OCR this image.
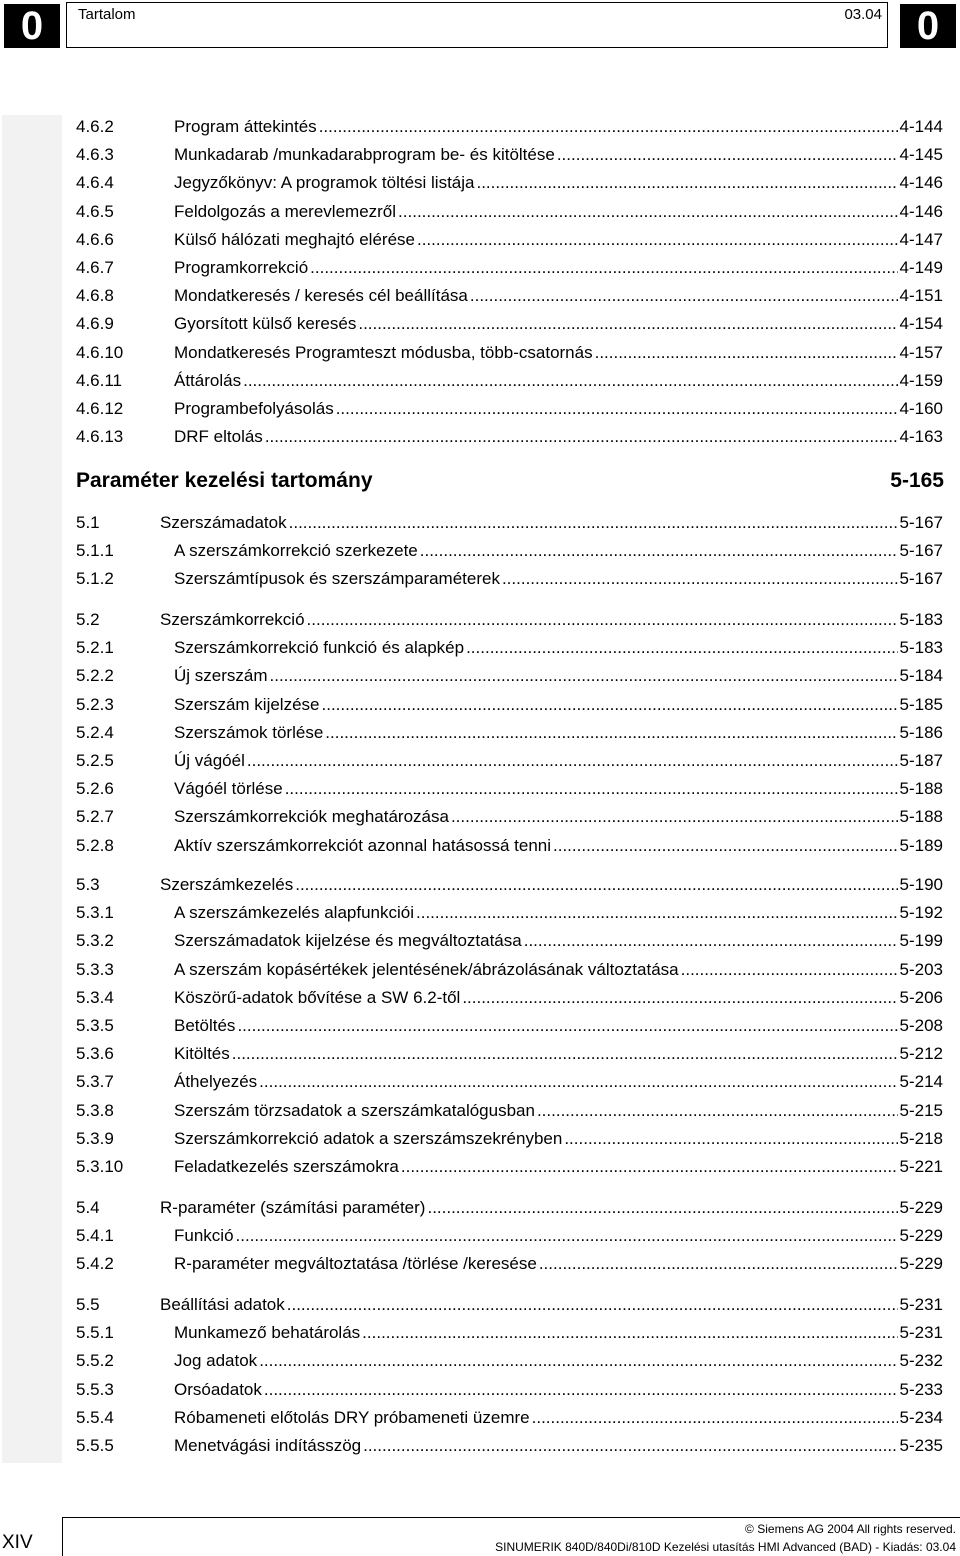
0	Tartalom	03.04 0
Paraméter kezelési tartomány	5-165
4.6.2	Program áttekintés .....	4-144
4.6.3	Munkadarab /munkadarabprogram be- és kitöltése .....	4-145
4.6.4	Jegyzőkönyv: A programok töltési listája .....	4-146
4.6.5	Feldolgozás a merevlemezről .....	4-146
4.6.6	Külső hálózati meghajtó elérése .....	4-147
4.6.7	Programkorrekció .....	4-149
4.6.8	Mondatkeresés / keresés cél beállítása .....	4-151
4.6.9	Gyorsított külső keresés .....	4-154
4.6.10	Mondatkeresés Programteszt módusba, több-csatornás .....	4-157
4.6.11	Áttárolás .....	4-159
4.6.12	Programbefolyásolás .....	4-160
4.6.13	DRF eltolás .....	4-163
5.1	Szerszámadatok .....	5-167
5.1.1	A szerszámkorrekció szerkezete .....	5-167
5.1.2	Szerszámtípusok és szerszámparaméterek .....	5-167
5.2	Szerszámkorrekció .....	5-183
5.2.1	Szerszámkorrekció funkció és alapkép .....	5-183
5.2.2	Új szerszám .....	5-184
5.2.3	Szerszám kijelzése .....	5-185
5.2.4	Szerszámok törlése .....	5-186
5.2.5	Új vágóél .....	5-187
5.2.6	Vágóél törlése .....	5-188
5.2.7	Szerszámkorrekciók meghatározása .....	5-188
5.2.8	Aktív szerszámkorrekciót azonnal hatásossá tenni .....	5-189
5.3	Szerszámkezelés .....	5-190
5.3.1	A szerszámkezelés alapfunkciói .....	5-192
5.3.2	Szerszámadatok kijelzése és megváltoztatása .....	5-199
5.3.3	A szerszám kopásértékek jelentésének/ábrázolásának változtatása .....	5-203
5.3.4	Köszörű-adatok bővítése a SW 6.2-től .....	5-206
5.3.5	Betöltés .....	5-208
5.3.6	Kitöltés .....	5-212
5.3.7	Áthelyezés .....	5-214
5.3.8	Szerszám törzsadatok a szerszámkatalógusban .....	5-215
5.3.9	Szerszámkorrekció adatok a szerszámszekrényben .....	5-218
5.3.10	Feladatkezelés szerszámokra .....	5-221
5.4	R-paraméter (számítási paraméter) .....	5-229
5.4.1	Funkció .....	5-229
5.4.2	R-paraméter megváltoztatása /törlése /keresése .....	5-229
5.5	Beállítási adatok .....	5-231
5.5.1	Munkamező behatárolás .....	5-231
5.5.2	Jog adatok .....	5-232
5.5.3	Orsóadatok .....	5-233
5.5.4	Róbameneti előtolás DRY próbameneti üzemre .....	5-234
5.5.5	Menetvágási indításszög .....	5-235
XIV
© Siemens AG 2004 All rights reserved.
SINUMERIK 840D/840Di/810D Kezelési utasítás HMI Advanced (BAD) - Kiadás: 03.04
